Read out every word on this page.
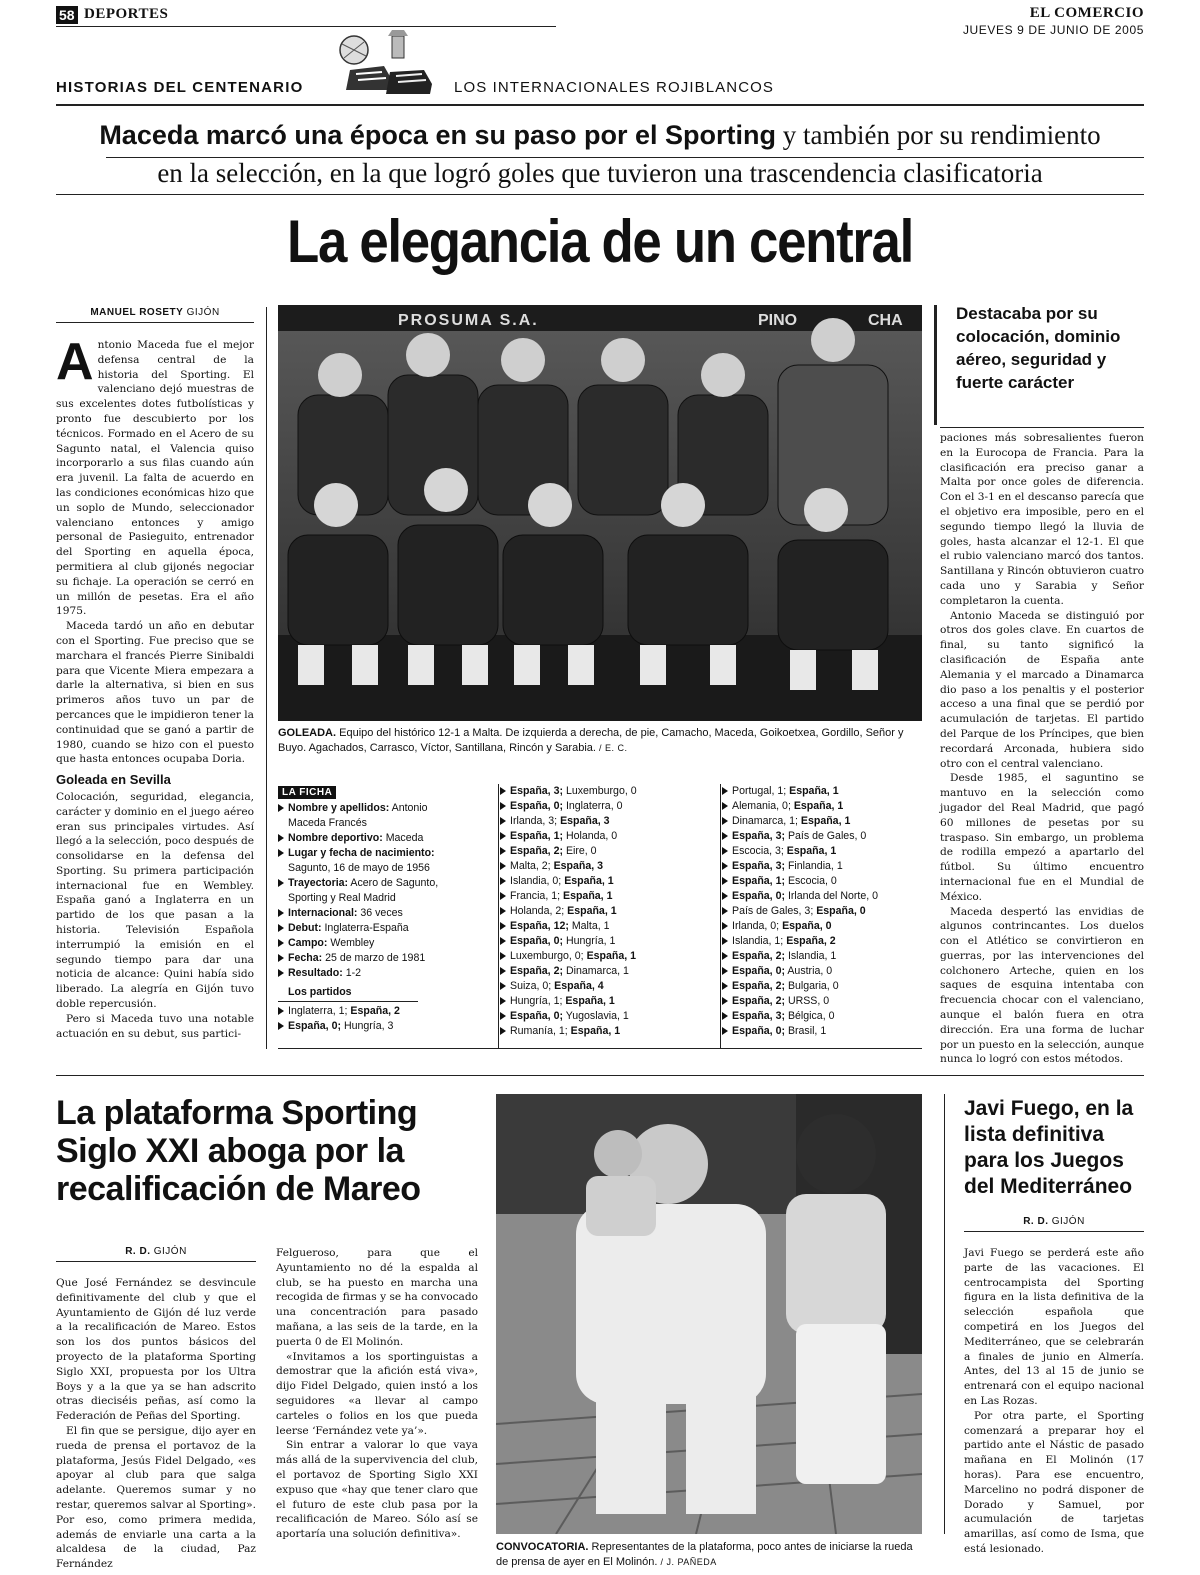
58 DEPORTES	EL COMERCIO
JUEVES 9 DE JUNIO DE 2005
HISTORIAS DEL CENTENARIO	LOS INTERNACIONALES ROJIBLANCOS
Maceda marcó una época en su paso por el Sporting y también por su rendimiento
en la selección, en la que logró goles que tuvieron una trascendencia clasificatoria
La elegancia de un central
MANUEL ROSETY GIJÓN

Antonio Maceda fue el mejor defensa central de la historia del Sporting. El valenciano dejó muestras de sus excelentes dotes futbolísticas y pronto fue descubierto por los técnicos. Formado en el Acero de su Sagunto natal, el Valencia quiso incorporarlo a sus filas cuando aún era juvenil. La falta de acuerdo en las condiciones económicas hizo que un soplo de Mundo, seleccionador valenciano entonces y amigo personal de Pasieguito, entrenador del Sporting en aquella época, permitiera al club gijonés negociar su fichaje. La operación se cerró en un millón de pesetas. Era el año 1975.

Maceda tardó un año en debutar con el Sporting. Fue preciso que se marchara el francés Pierre Sinibaldi para que Vicente Miera empezara a darle la alternativa, si bien en sus primeros años tuvo un par de percances que le impidieron tener la continuidad que se ganó a partir de 1980, cuando se hizo con el puesto que hasta entonces ocupaba Doria.

Goleada en Sevilla

Colocación, seguridad, elegancia, carácter y dominio en el juego aéreo eran sus principales virtudes. Así llegó a la selección, poco después de consolidarse en la defensa del Sporting. Su primera participación internacional fue en Wembley. España ganó a Inglaterra en un partido de los que pasan a la historia. Televisión Española interrumpió la emisión en el segundo tiempo para dar una noticia de alcance: Quini había sido liberado. La alegría en Gijón tuvo doble repercusión.

Pero si Maceda tuvo una notable actuación en su debut, sus partici-

PROSUMA S.A.	PINO	CHA
GOLEADA. Equipo del histórico 12-1 a Malta. De izquierda a derecha, de pie, Camacho, Maceda, Goikoetxea, Gordillo, Señor y Buyo. Agachados, Carrasco, Víctor, Santillana, Rincón y Sarabia. / E. C.
LA FICHA
Nombre y apellidos: Antonio
Maceda Francés
Nombre deportivo: Maceda
Lugar y fecha de nacimiento:
Sagunto, 16 de mayo de 1956
Trayectoria: Acero de Sagunto,
Sporting y Real Madrid
Internacional: 36 veces
Debut: Inglaterra-España
Campo: Wembley
Fecha: 25 de marzo de 1981
Resultado: 1-2
Los partidos
Inglaterra, 1; España, 2
España, 0; Hungría, 3
España, 3; Luxemburgo, 0
España, 0; Inglaterra, 0
Irlanda, 3; España, 3
España, 1; Holanda, 0
España, 2; Eire, 0
Malta, 2; España, 3
Islandia, 0; España, 1
Francia, 1; España, 1
Holanda, 2; España, 1
España, 12; Malta, 1
España, 0; Hungría, 1
Luxemburgo, 0; España, 1
España, 2; Dinamarca, 1
Suiza, 0; España, 4
Hungría, 1; España, 1
España, 0; Yugoslavia, 1
Rumanía, 1; España, 1
Portugal, 1; España, 1
Alemania, 0; España, 1
Dinamarca, 1; España, 1
España, 3; País de Gales, 0
Escocia, 3; España, 1
España, 3; Finlandia, 1
España, 1; Escocia, 0
España, 0; Irlanda del Norte, 0
País de Gales, 3; España, 0
Irlanda, 0; España, 0
Islandia, 1; España, 2
España, 2; Islandia, 1
España, 0; Austria, 0
España, 2; Bulgaria, 0
España, 2; URSS, 0
España, 3; Bélgica, 0
España, 0; Brasil, 1
Destacaba por su colocación, dominio aéreo, seguridad y fuerte carácter

paciones más sobresalientes fueron en la Eurocopa de Francia. Para la clasificación era preciso ganar a Malta por once goles de diferencia. Con el 3-1 en el descanso parecía que el objetivo era imposible, pero en el segundo tiempo llegó la lluvia de goles, hasta alcanzar el 12-1. El que el rubio valenciano marcó dos tantos. Santillana y Rincón obtuvieron cuatro cada uno y Sarabia y Señor completaron la cuenta.

Antonio Maceda se distinguió por otros dos goles clave. En cuartos de final, su tanto significó la clasificación de España ante Alemania y el marcado a Dinamarca dio paso a los penaltis y el posterior acceso a una final que se perdió por acumulación de tarjetas. El partido del Parque de los Príncipes, que bien recordará Arconada, hubiera sido otro con el central valenciano.

Desde 1985, el saguntino se mantuvo en la selección como jugador del Real Madrid, que pagó 60 millones de pesetas por su traspaso. Sin embargo, un problema de rodilla empezó a apartarlo del fútbol. Su último encuentro internacional fue en el Mundial de México.

Maceda despertó las envidias de algunos contrincantes. Los duelos con el Atlético se convirtieron en guerras, por las intervenciones del colchonero Arteche, quien en los saques de esquina intentaba con frecuencia chocar con el valenciano, aunque el balón fuera en otra dirección. Era una forma de luchar por un puesto en la selección, aunque nunca lo logró con estos métodos.

La plataforma Sporting Siglo XXI aboga por la recalificación de Mareo
R. D. GIJÓN

Que José Fernández se desvincule definitivamente del club y que el Ayuntamiento de Gijón dé luz verde a la recalificación de Mareo. Estos son los dos puntos básicos del proyecto de la plataforma Sporting Siglo XXI, propuesta por los Ultra Boys y a la que ya se han adscrito otras dieciséis peñas, así como la Federación de Peñas del Sporting.

El fin que se persigue, dijo ayer en rueda de prensa el portavoz de la plataforma, Jesús Fidel Delgado, «es apoyar al club para que salga adelante. Queremos sumar y no restar, queremos salvar al Sporting». Por eso, como primera medida, además de enviarle una carta a la alcaldesa de la ciudad, Paz Fernández

Felgueroso, para que el Ayuntamiento no dé la espalda al club, se ha puesto en marcha una recogida de firmas y se ha convocado una concentración para pasado mañana, a las seis de la tarde, en la puerta 0 de El Molinón.

«Invitamos a los sportinguistas a demostrar que la afición está viva», dijo Fidel Delgado, quien instó a los seguidores «a llevar al campo carteles o folios en los que pueda leerse ‘Fernández vete ya’».

Sin entrar a valorar lo que vaya más allá de la supervivencia del club, el portavoz de Sporting Siglo XXI expuso que «hay que tener claro que el futuro de este club pasa por la recalificación de Mareo. Sólo así se aportaría una solución definitiva».

CONVOCATORIA. Representantes de la plataforma, poco antes de iniciarse la rueda de prensa de ayer en El Molinón. / J. PAÑEDA
Javi Fuego, en la lista definitiva para los Juegos del Mediterráneo
R. D. GIJÓN

Javi Fuego se perderá este año parte de las vacaciones. El centrocampista del Sporting figura en la lista definitiva de la selección española que competirá en los Juegos del Mediterráneo, que se celebrarán a finales de junio en Almería. Antes, del 13 al 15 de junio se entrenará con el equipo nacional en Las Rozas.

Por otra parte, el Sporting comenzará a preparar hoy el partido ante el Nástic de pasado mañana en El Molinón (17 horas). Para ese encuentro, Marcelino no podrá disponer de Dorado y Samuel, por acumulación de tarjetas amarillas, así como de Isma, que está lesionado.
